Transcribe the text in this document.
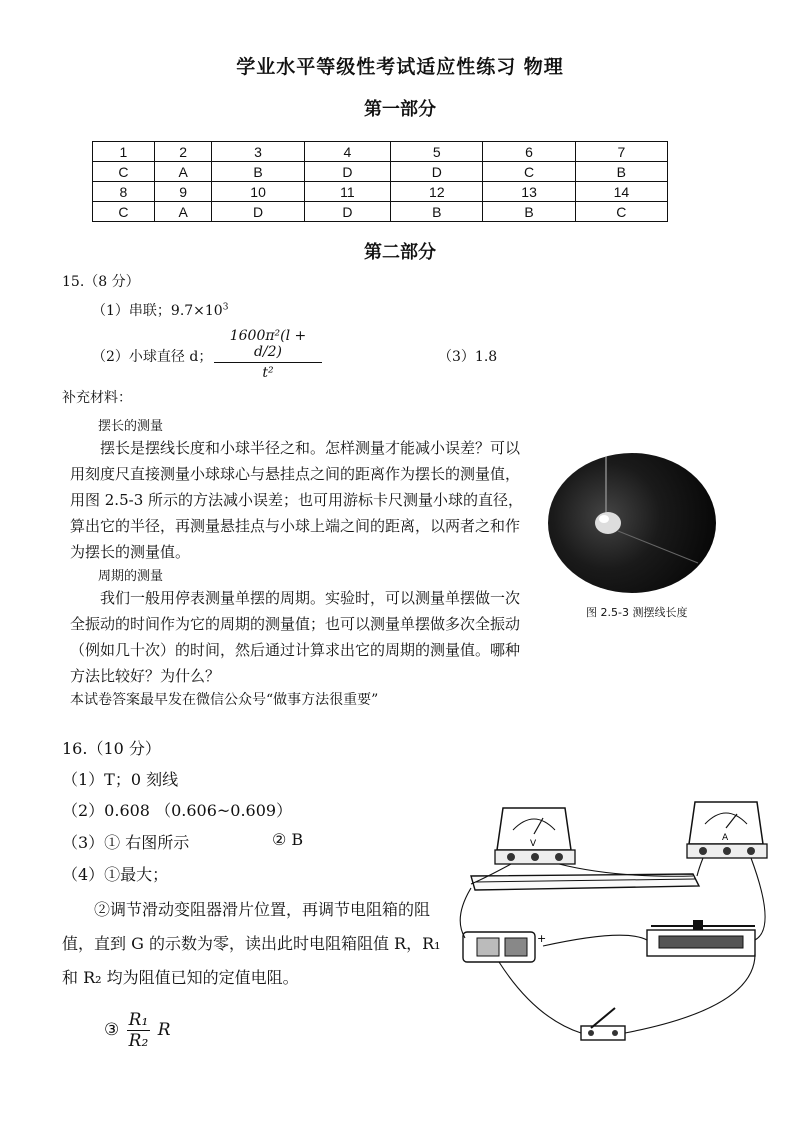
学业水平等级性考试适应性练习 物理
第一部分
1	2	3	4	5	6	7
C	A	B	D	D	C	B
8	9	10	11	12	13	14
C	A	D	D	B	B	C
第二部分
15.（8 分）
（1）串联；$9.7\times 10^3$
（2）小球直径 d； $\frac{\text{1600π²(l + d/2)}}{\text{t²}}$	（3）1.8
补充材料：
摆长的测量
摆长是摆线长度和小球半径之和。怎样测量才能减小误差？可以用刻度尺直接测量小球球心与悬挂点之间的距离作为摆长的测量值，用图 2.5-3 所示的方法减小误差；也可用游标卡尺测量小球的直径，算出它的半径，再测量悬挂点与小球上端之间的距离，以两者之和作为摆长的测量值。
周期的测量
我们一般用停表测量单摆的周期。实验时，可以测量单摆做一次全振动的时间作为它的周期的测量值；也可以测量单摆做多次全振动（例如几十次）的时间，然后通过计算求出它的周期的测量值。哪种方法比较好？为什么？
本试卷答案最早发在微信公众号“做事方法很重要”
图 2.5-3 测摆线长度
16.（10 分）
（1）T；0 刻线
（2）0.608 （0.606~0.609）
（3）① 右图所示	② B
（4）①最大；
②调节滑动变阻器滑片位置，再调节电阻箱的阻值，直到 G 的示数为零，读出此时电阻箱阻值 R，R₁ 和 R₂ 均为阻值已知的定值电阻。
③ $\frac{\text{R₁}}{\text{R₂}}$ R
V
A
+
